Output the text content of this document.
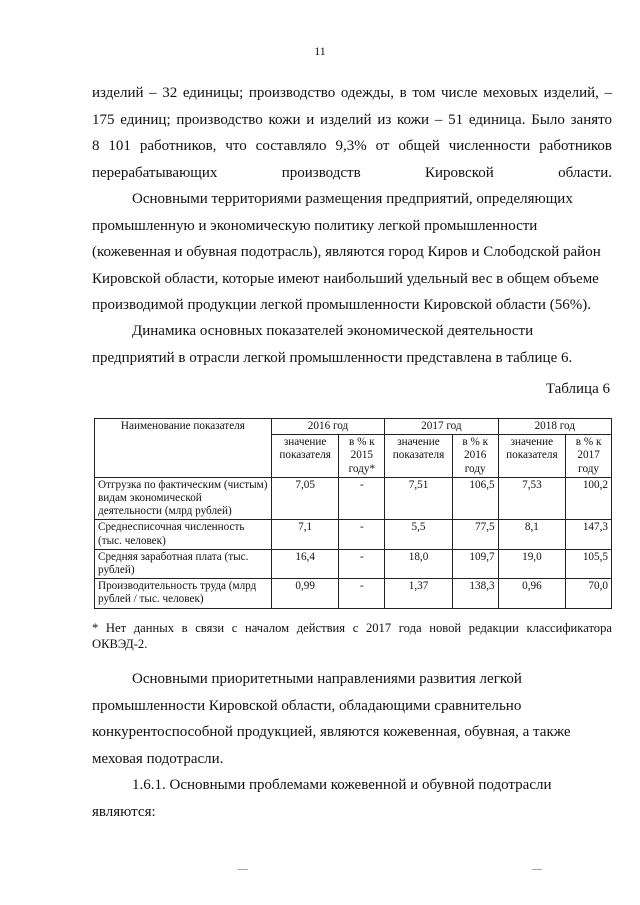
11

изделий – 32 единицы; производство одежды, в том числе меховых изделий, –
175 единиц; производство кожи и изделий из кожи – 51 единица. Было занято
8 101 работников, что составляло 9,3% от общей численности работников
перерабатывающих производств Кировской области.

Основными территориями размещения предприятий, определяющих
промышленную и экономическую политику легкой промышленности
(кожевенная и обувная подотрасль), являются город Киров и Слободской район
Кировской области, которые имеют наибольший удельный вес в общем объеме
производимой продукции легкой промышленности Кировской области (56%).

Динамика основных показателей экономической деятельности
предприятий в отрасли легкой промышленности представлена в таблице 6.

Таблица 6
Наименование показателя	2016 год		2017 год		2018 год	
	значение показателя	в % к 2015 году*	значение показателя	в % к 2016 году	значение показателя	в % к 2017 году
Отгрузка по фактическим (чистым) видам экономической деятельности (млрд рублей)	7,05	-	7,51	106,5	7,53	100,2
Среднесписочная численность (тыс. человек)	7,1	-	5,5	77,5	8,1	147,3
Средняя заработная плата (тыс. рублей)	16,4	-	18,0	109,7	19,0	105,5
Производительность труда (млрд рублей / тыс. человек)	0,99	-	1,37	138,3	0,96	70,0

* Нет данных в связи с началом действия с 2017 года новой редакции классификатора ОКВЭД-2.

Основными приоритетными направлениями развития легкой
промышленности Кировской области, обладающими сравнительно
конкурентоспособной продукцией, являются кожевенная, обувная, а также
меховая подотрасли.

1.6.1. Основными проблемами кожевенной и обувной подотрасли
являются:

—	—
